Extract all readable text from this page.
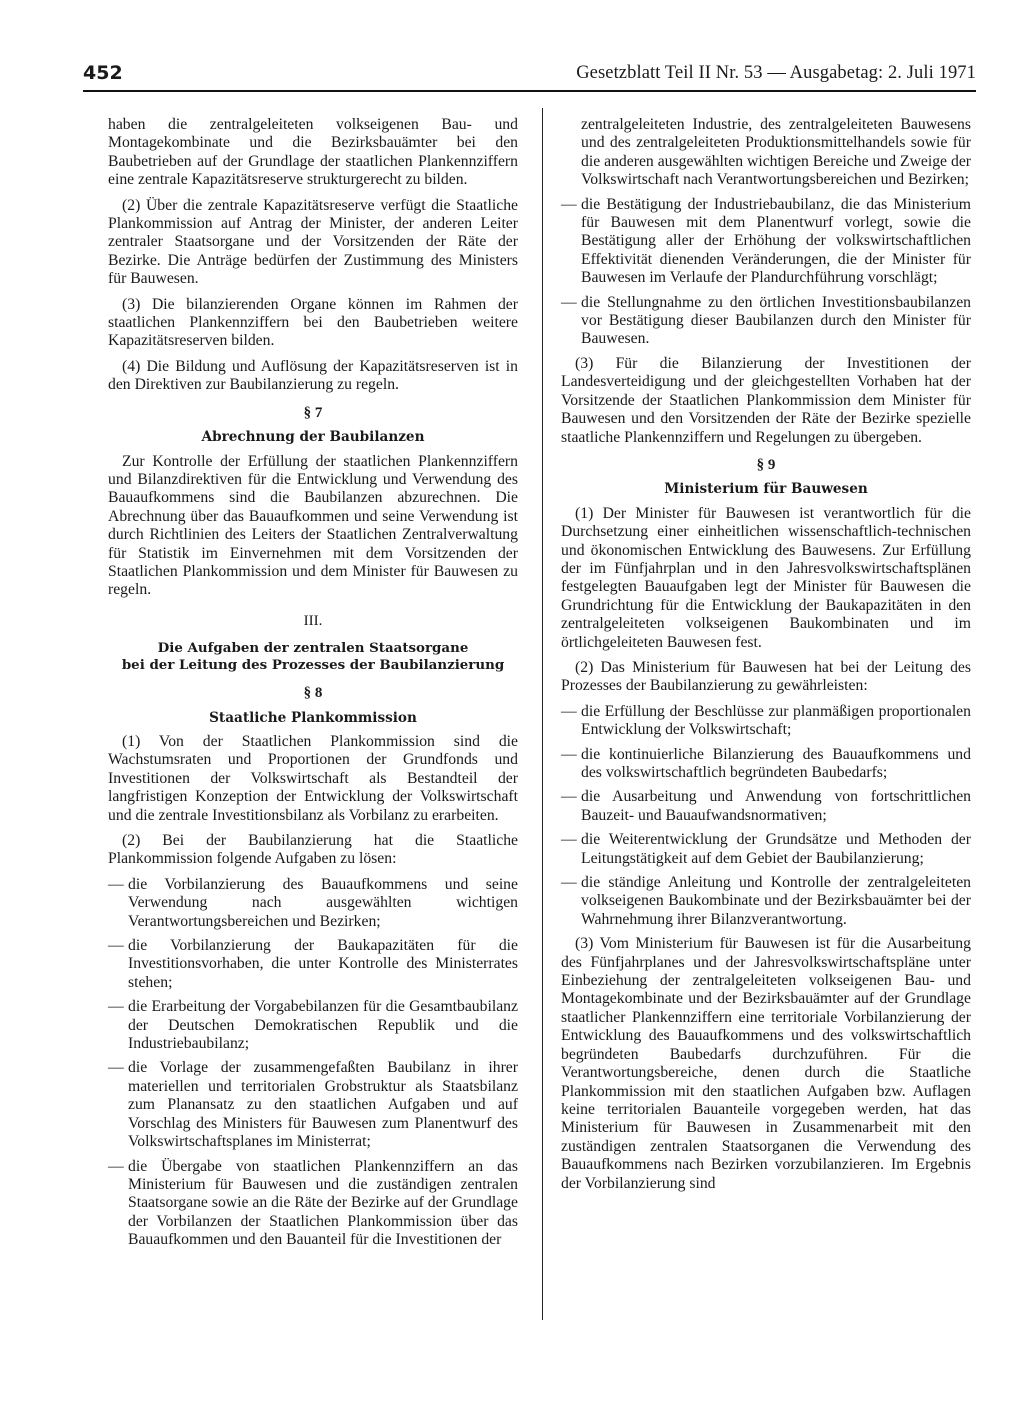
452	Gesetzblatt Teil II Nr. 53 — Ausgabetag: 2. Juli 1971

haben die zentralgeleiteten volkseigenen Bau- und Montagekombinate und die Bezirksbauämter bei den Baubetrieben auf der Grundlage der staatlichen Plankennziffern eine zentrale Kapazitätsreserve strukturgerecht zu bilden.

(2) Über die zentrale Kapazitätsreserve verfügt die Staatliche Plankommission auf Antrag der Minister, der anderen Leiter zentraler Staatsorgane und der Vorsitzenden der Räte der Bezirke. Die Anträge bedürfen der Zustimmung des Ministers für Bauwesen.

(3) Die bilanzierenden Organe können im Rahmen der staatlichen Plankennziffern bei den Baubetrieben weitere Kapazitätsreserven bilden.

(4) Die Bildung und Auflösung der Kapazitätsreserven ist in den Direktiven zur Baubilanzierung zu regeln.

§ 7
Abrechnung der Baubilanzen

Zur Kontrolle der Erfüllung der staatlichen Plankennziffern und Bilanzdirektiven für die Entwicklung und Verwendung des Bauaufkommens sind die Baubilanzen abzurechnen. Die Abrechnung über das Bauaufkommen und seine Verwendung ist durch Richtlinien des Leiters der Staatlichen Zentralverwaltung für Statistik im Einvernehmen mit dem Vorsitzenden der Staatlichen Plankommission und dem Minister für Bauwesen zu regeln.

III.
Die Aufgaben der zentralen Staatsorgane
bei der Leitung des Prozesses der Baubilanzierung
§ 8
Staatliche Plankommission

(1) Von der Staatlichen Plankommission sind die Wachstumsraten und Proportionen der Grundfonds und Investitionen der Volkswirtschaft als Bestandteil der langfristigen Konzeption der Entwicklung der Volkswirtschaft und die zentrale Investitionsbilanz als Vorbilanz zu erarbeiten.

(2) Bei der Baubilanzierung hat die Staatliche Plankommission folgende Aufgaben zu lösen:

— die Vorbilanzierung des Bauaufkommens und seine Verwendung nach ausgewählten wichtigen Verantwortungsbereichen und Bezirken;
— die Vorbilanzierung der Baukapazitäten für die Investitionsvorhaben, die unter Kontrolle des Ministerrates stehen;
— die Erarbeitung der Vorgabebilanzen für die Gesamtbaubilanz der Deutschen Demokratischen Republik und die Industriebaubilanz;
— die Vorlage der zusammengefaßten Baubilanz in ihrer materiellen und territorialen Grobstruktur als Staatsbilanz zum Planansatz zu den staatlichen Aufgaben und auf Vorschlag des Ministers für Bauwesen zum Planentwurf des Volkswirtschaftsplanes im Ministerrat;
— die Übergabe von staatlichen Plankennziffern an das Ministerium für Bauwesen und die zuständigen zentralen Staatsorgane sowie an die Räte der Bezirke auf der Grundlage der Vorbilanzen der Staatlichen Plankommission über das Bauaufkommen und den Bauanteil für die Investitionen der
zentralgeleiteten Industrie, des zentralgeleiteten Bauwesens und des zentralgeleiteten Produktionsmittelhandels sowie für die anderen ausgewählten wichtigen Bereiche und Zweige der Volkswirtschaft nach Verantwortungsbereichen und Bezirken;
— die Bestätigung der Industriebaubilanz, die das Ministerium für Bauwesen mit dem Planentwurf vorlegt, sowie die Bestätigung aller der Erhöhung der volkswirtschaftlichen Effektivität dienenden Veränderungen, die der Minister für Bauwesen im Verlaufe der Plandurchführung vorschlägt;
— die Stellungnahme zu den örtlichen Investitionsbaubilanzen vor Bestätigung dieser Baubilanzen durch den Minister für Bauwesen.

(3) Für die Bilanzierung der Investitionen der Landesverteidigung und der gleichgestellten Vorhaben hat der Vorsitzende der Staatlichen Plankommission dem Minister für Bauwesen und den Vorsitzenden der Räte der Bezirke spezielle staatliche Plankennziffern und Regelungen zu übergeben.

§ 9
Ministerium für Bauwesen

(1) Der Minister für Bauwesen ist verantwortlich für die Durchsetzung einer einheitlichen wissenschaftlich-technischen und ökonomischen Entwicklung des Bauwesens. Zur Erfüllung der im Fünfjahrplan und in den Jahresvolkswirtschaftsplänen festgelegten Bauaufgaben legt der Minister für Bauwesen die Grundrichtung für die Entwicklung der Baukapazitäten in den zentralgeleiteten volkseigenen Baukombinaten und im örtlichgeleiteten Bauwesen fest.

(2) Das Ministerium für Bauwesen hat bei der Leitung des Prozesses der Baubilanzierung zu gewährleisten:

— die Erfüllung der Beschlüsse zur planmäßigen proportionalen Entwicklung der Volkswirtschaft;
— die kontinuierliche Bilanzierung des Bauaufkommens und des volkswirtschaftlich begründeten Baubedarfs;
— die Ausarbeitung und Anwendung von fortschrittlichen Bauzeit- und Bauaufwandsnormativen;
— die Weiterentwicklung der Grundsätze und Methoden der Leitungstätigkeit auf dem Gebiet der Baubilanzierung;
— die ständige Anleitung und Kontrolle der zentralgeleiteten volkseigenen Baukombinate und der Bezirksbauämter bei der Wahrnehmung ihrer Bilanzverantwortung.

(3) Vom Ministerium für Bauwesen ist für die Ausarbeitung des Fünfjahrplanes und der Jahresvolkswirtschaftspläne unter Einbeziehung der zentralgeleiteten volkseigenen Bau- und Montagekombinate und der Bezirksbauämter auf der Grundlage staatlicher Plankennziffern eine territoriale Vorbilanzierung der Entwicklung des Bauaufkommens und des volkswirtschaftlich begründeten Baubedarfs durchzuführen. Für die Verantwortungsbereiche, denen durch die Staatliche Plankommission mit den staatlichen Aufgaben bzw. Auflagen keine territorialen Bauanteile vorgegeben werden, hat das Ministerium für Bauwesen in Zusammenarbeit mit den zuständigen zentralen Staatsorganen die Verwendung des Bauaufkommens nach Bezirken vorzubilanzieren. Im Ergebnis der Vorbilanzierung sind
